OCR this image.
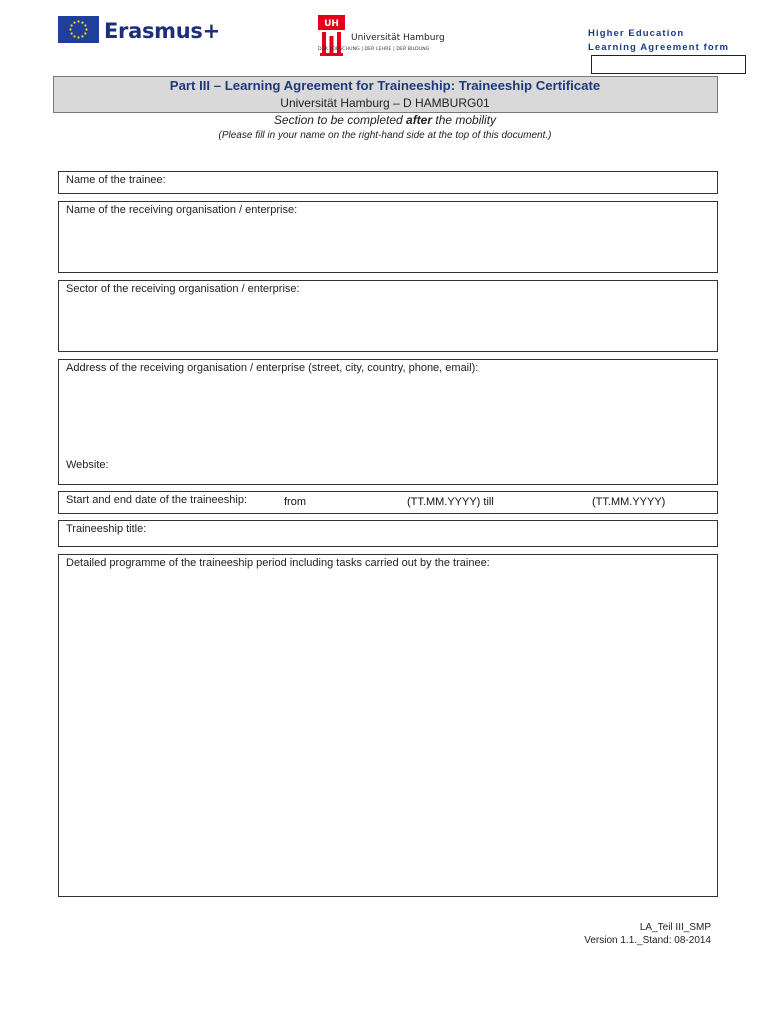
Erasmus+	UH
Universität Hamburg
DER FORSCHUNG | DER LEHRE | DER BILDUNG
Higher Education
Learning Agreement form
Part III – Learning Agreement for Traineeship: Traineeship Certificate
Universität Hamburg – D HAMBURG01
Section to be completed after the mobility
(Please fill in your name on the right-hand side at the top of this document.)
Name of the trainee:
Name of the receiving organisation / enterprise:
Sector of the receiving organisation / enterprise:
Address of the receiving organisation / enterprise (street, city, country, phone, email):
Website:
Start and end date of the traineeship:	from	(TT.MM.YYYY) till	(TT.MM.YYYY)
Traineeship title:
Detailed programme of the traineeship period including tasks carried out by the trainee:
LA_Teil III_SMP
Version 1.1._Stand: 08-2014
